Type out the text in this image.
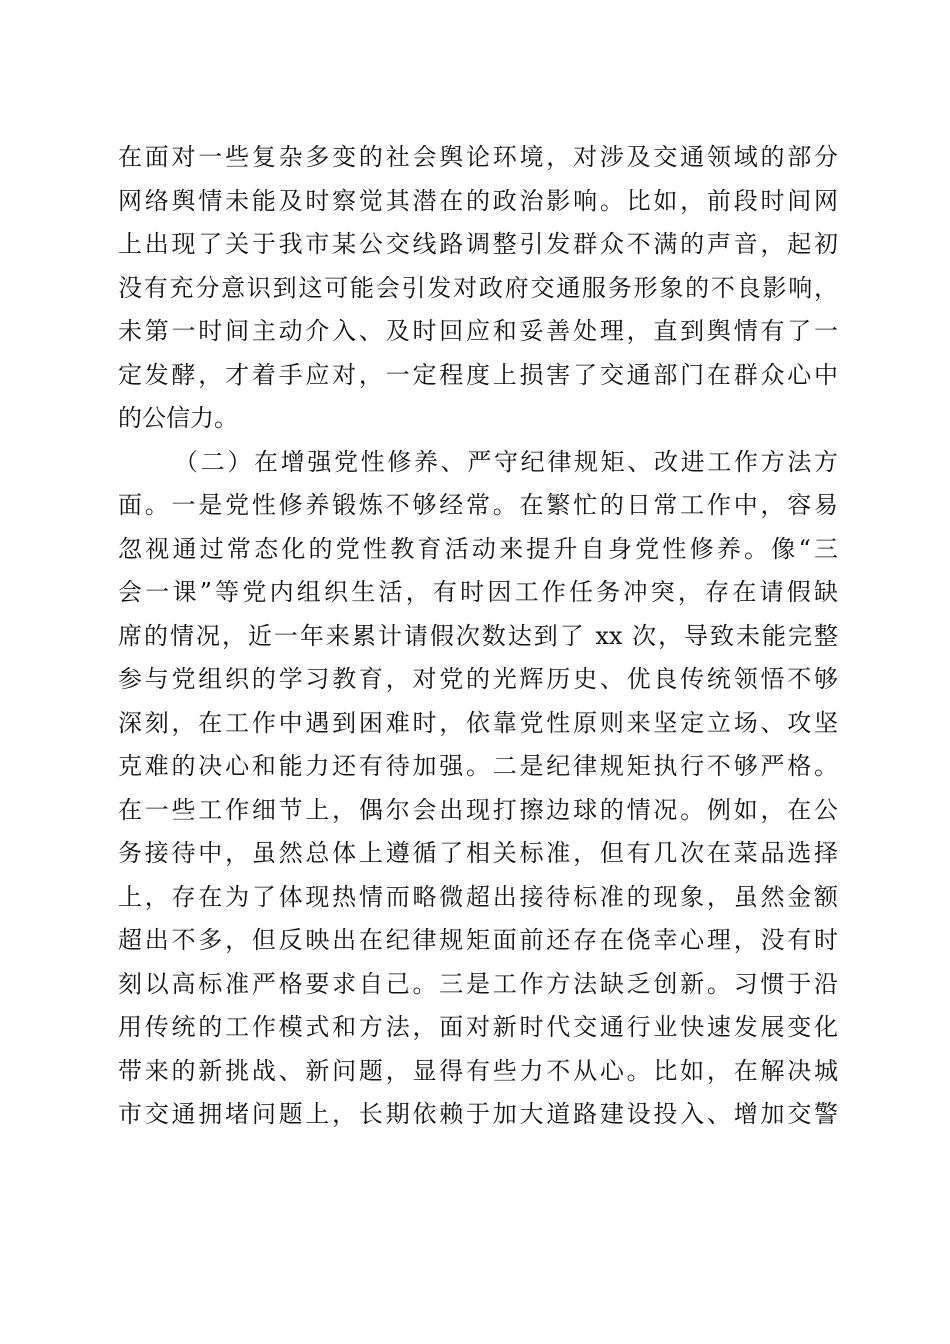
在面对一些复杂多变的社会舆论环境，对涉及交通领域的部分
网络舆情未能及时察觉其潜在的政治影响。比如，前段时间网
上出现了关于我市某公交线路调整引发群众不满的声音，起初
没有充分意识到这可能会引发对政府交通服务形象的不良影响，
未第一时间主动介入、及时回应和妥善处理，直到舆情有了一
定发酵，才着手应对，一定程度上损害了交通部门在群众心中
的公信力。
（二）在增强党性修养、严守纪律规矩、改进工作方法方
面。一是党性修养锻炼不够经常。在繁忙的日常工作中，容易
忽视通过常态化的党性教育活动来提升自身党性修养。像“三
会一课”等党内组织生活，有时因工作任务冲突，存在请假缺
席的情况，近一年来累计请假次数达到了 xx 次，导致未能完整
参与党组织的学习教育，对党的光辉历史、优良传统领悟不够
深刻，在工作中遇到困难时，依靠党性原则来坚定立场、攻坚
克难的决心和能力还有待加强。二是纪律规矩执行不够严格。
在一些工作细节上，偶尔会出现打擦边球的情况。例如，在公
务接待中，虽然总体上遵循了相关标准，但有几次在菜品选择
上，存在为了体现热情而略微超出接待标准的现象，虽然金额
超出不多，但反映出在纪律规矩面前还存在侥幸心理，没有时
刻以高标准严格要求自己。三是工作方法缺乏创新。习惯于沿
用传统的工作模式和方法，面对新时代交通行业快速发展变化
带来的新挑战、新问题，显得有些力不从心。比如，在解决城
市交通拥堵问题上，长期依赖于加大道路建设投入、增加交警
